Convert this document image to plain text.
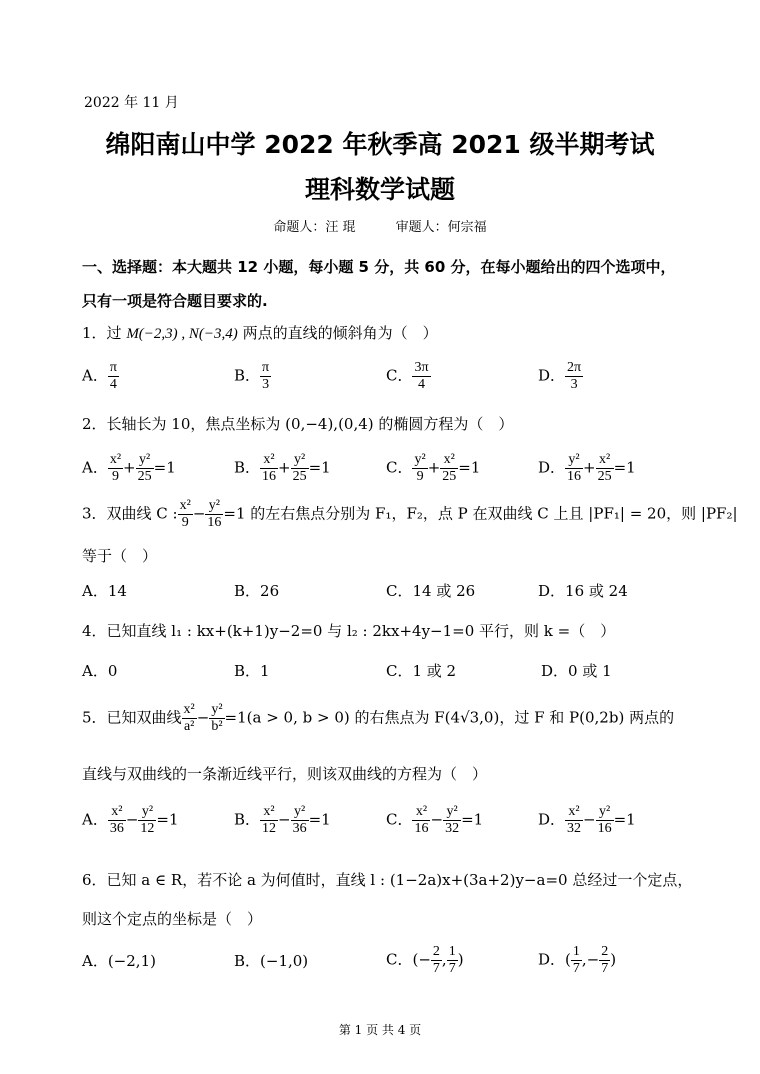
2022 年 11 月
绵阳南山中学 2022 年秋季高 2021 级半期考试
理科数学试题
命题人：汪 琨	审题人：何宗福
一、选择题：本大题共 12 小题，每小题 5 分，共 60 分，在每小题给出的四个选项中，只有一项是符合题目要求的.
1．过 M(−2,3) , N(−3,4) 两点的直线的倾斜角为（　）
A． $\frac{\pi}{4}$	B． $\frac{\pi}{3}$	C． $\frac{3\pi}{4}$	D． $\frac{2\pi}{3}$
2．长轴长为 10，焦点坐标为 (0,−4),(0,4) 的椭圆方程为（　）
A． $\frac{\text{x²}}{9} + \frac{\text{y²}}{25} =1$	B． $\frac{\text{x²}}{16} + \frac{\text{y²}}{25} =1$	C． $\frac{\text{y²}}{9} + \frac{\text{x²}}{25} =1$	D． $\frac{\text{y²}}{16} + \frac{\text{x²}}{25} =1$
3．双曲线 C : $\frac{\text{x²}}{9} - \frac{\text{y²}}{16} =1$ 的左右焦点分别为 F₁，F₂，点 P 在双曲线 C 上且 |PF₁| = 20，则 |PF₂|
等于（　）
A．14	B．26	C．14 或 26	D．16 或 24
4．已知直线 l₁ : kx+(k+1)y−2=0 与 l₂ : 2kx+4y−1=0 平行，则 k =（　）
A．0	B．1	C．1 或 2	D．0 或 1
5．已知双曲线 $\frac{\text{x²}}{\text{a²}} - \frac{\text{y²}}{\text{b²}} =1(a > 0$, b > 0) 的右焦点为 F(4√3,0)，过 F 和 P(0,2b) 两点的
直线与双曲线的一条渐近线平行，则该双曲线的方程为（　）
A． $\frac{\text{x²}}{36} - \frac{\text{y²}}{12} =1$	B． $\frac{\text{x²}}{12} - \frac{\text{y²}}{36} =1$	C． $\frac{\text{x²}}{16} - \frac{\text{y²}}{32} =1$	D． $\frac{\text{x²}}{32} - \frac{\text{y²}}{16} =1$
6．已知 a ∈ R，若不论 a 为何值时，直线 l : (1−2a)x+(3a+2)y−a=0 总经过一个定点，
则这个定点的坐标是（　）
A．(−2,1)	B．(−1,0)	C．(− $\frac{2}{7}$ , $\frac{1}{7}$ )	D．( $\frac{1}{7}$ ,− $\frac{2}{7}$ )
第 1 页 共 4 页
